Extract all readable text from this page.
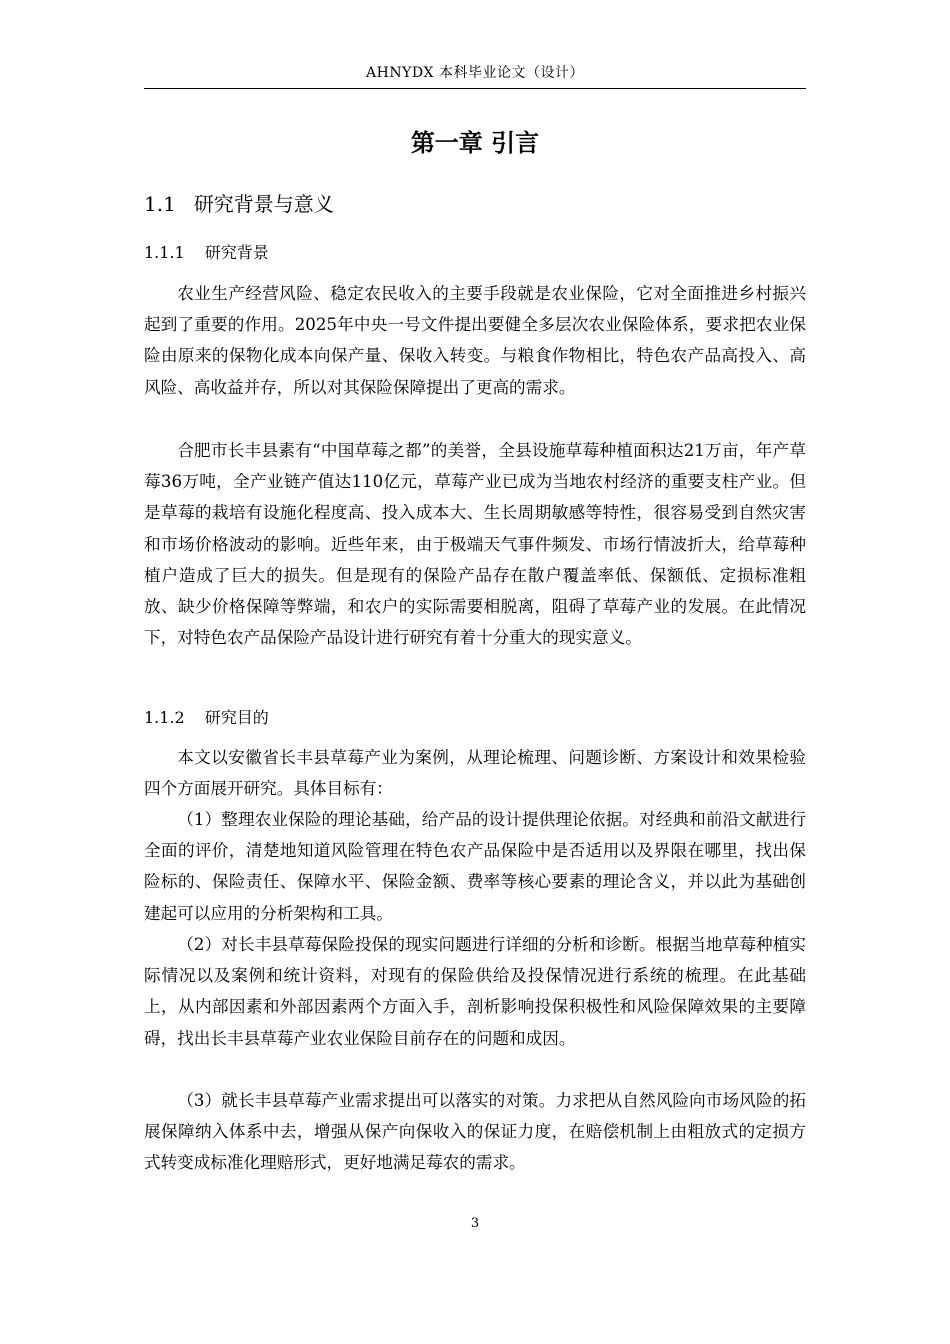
AHNYDX 本科毕业论文（设计）
第一章 引言
1.1 研究背景与意义
1.1.1 研究背景

农业生产经营风险、稳定农民收入的主要手段就是农业保险，它对全面推进乡村振兴起到了重要的作用。2025年中央一号文件提出要健全多层次农业保险体系，要求把农业保险由原来的保物化成本向保产量、保收入转变。与粮食作物相比，特色农产品高投入、高风险、高收益并存，所以对其保险保障提出了更高的需求。

合肥市长丰县素有“中国草莓之都”的美誉，全县设施草莓种植面积达21万亩，年产草莓36万吨，全产业链产值达110亿元，草莓产业已成为当地农村经济的重要支柱产业。但是草莓的栽培有设施化程度高、投入成本大、生长周期敏感等特性，很容易受到自然灾害和市场价格波动的影响。近些年来，由于极端天气事件频发、市场行情波折大，给草莓种植户造成了巨大的损失。但是现有的保险产品存在散户覆盖率低、保额低、定损标准粗放、缺少价格保障等弊端，和农户的实际需要相脱离，阻碍了草莓产业的发展。在此情况下，对特色农产品保险产品设计进行研究有着十分重大的现实意义。

1.1.2 研究目的

本文以安徽省长丰县草莓产业为案例，从理论梳理、问题诊断、方案设计和效果检验四个方面展开研究。具体目标有：

（1）整理农业保险的理论基础，给产品的设计提供理论依据。对经典和前沿文献进行全面的评价，清楚地知道风险管理在特色农产品保险中是否适用以及界限在哪里，找出保险标的、保险责任、保障水平、保险金额、费率等核心要素的理论含义，并以此为基础创建起可以应用的分析架构和工具。

（2）对长丰县草莓保险投保的现实问题进行详细的分析和诊断。根据当地草莓种植实际情况以及案例和统计资料，对现有的保险供给及投保情况进行系统的梳理。在此基础上，从内部因素和外部因素两个方面入手，剖析影响投保积极性和风险保障效果的主要障碍，找出长丰县草莓产业农业保险目前存在的问题和成因。

（3）就长丰县草莓产业需求提出可以落实的对策。力求把从自然风险向市场风险的拓展保障纳入体系中去，增强从保产向保收入的保证力度，在赔偿机制上由粗放式的定损方式转变成标准化理赔形式，更好地满足莓农的需求。

3
